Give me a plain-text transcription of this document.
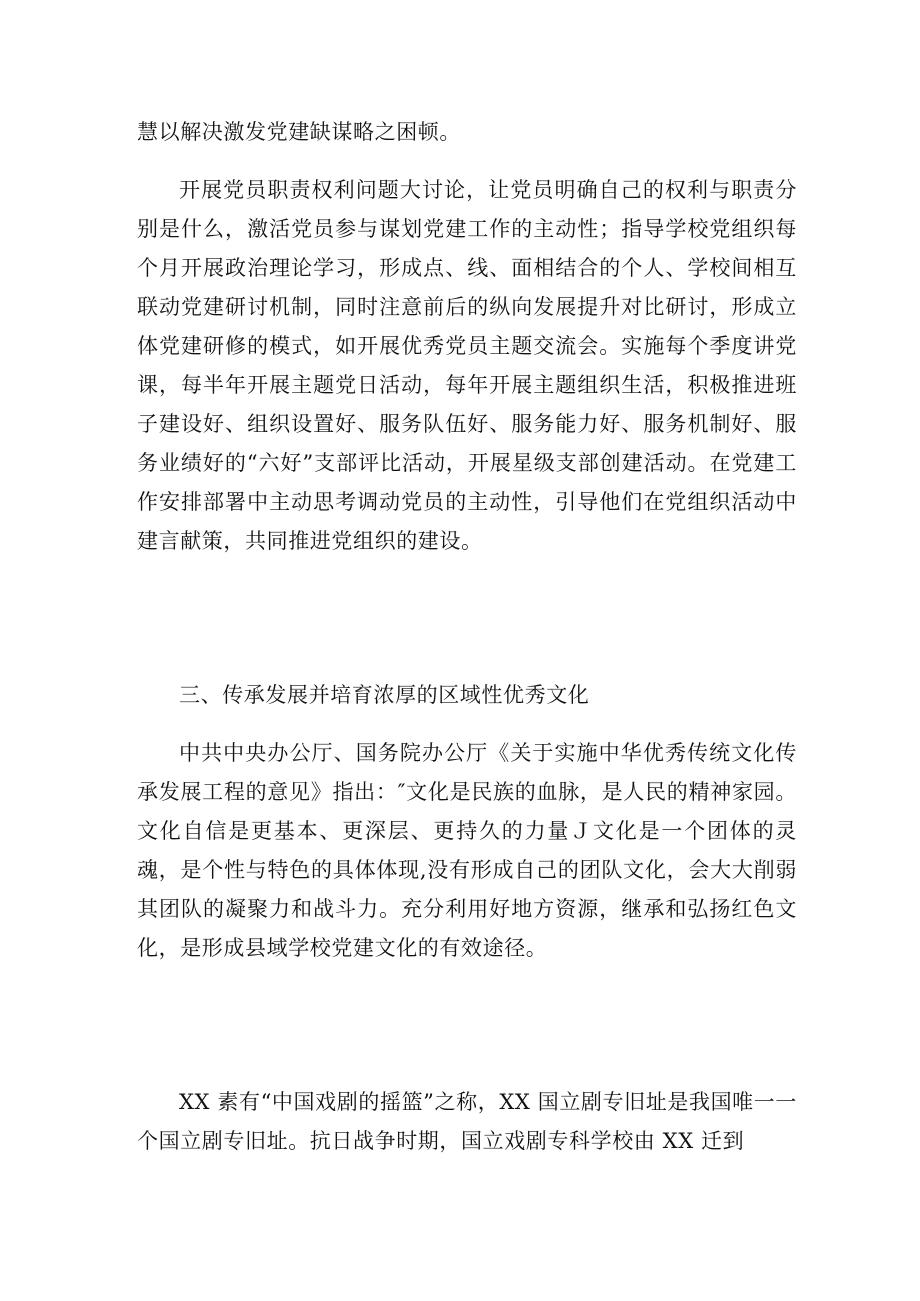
慧以解决激发党建缺谋略之困顿。

开展党员职责权利问题大讨论，让党员明确自己的权利与职责分别是什么，激活党员参与谋划党建工作的主动性；指导学校党组织每个月开展政治理论学习，形成点、线、面相结合的个人、学校间相互联动党建研讨机制，同时注意前后的纵向发展提升对比研讨，形成立体党建研修的模式，如开展优秀党员主题交流会。实施每个季度讲党课，每半年开展主题党日活动，每年开展主题组织生活，积极推进班子建设好、组织设置好、服务队伍好、服务能力好、服务机制好、服务业绩好的“六好”支部评比活动，开展星级支部创建活动。在党建工作安排部署中主动思考调动党员的主动性，引导他们在党组织活动中建言献策，共同推进党组织的建设。

三、传承发展并培育浓厚的区域性优秀文化

中共中央办公厅、国务院办公厅《关于实施中华优秀传统文化传承发展工程的意见》指出：″文化是民族的血脉，是人民的精神家园。文化自信是更基本、更深层、更持久的力量Ｊ文化是一个团体的灵魂，是个性与特色的具体体现,没有形成自己的团队文化，会大大削弱其团队的凝聚力和战斗力。充分利用好地方资源，继承和弘扬红色文化，是形成县域学校党建文化的有效途径。

XX 素有“中国戏剧的摇篮”之称，XX 国立剧专旧址是我国唯一一个国立剧专旧址。抗日战争时期，国立戏剧专科学校由 XX 迁到
